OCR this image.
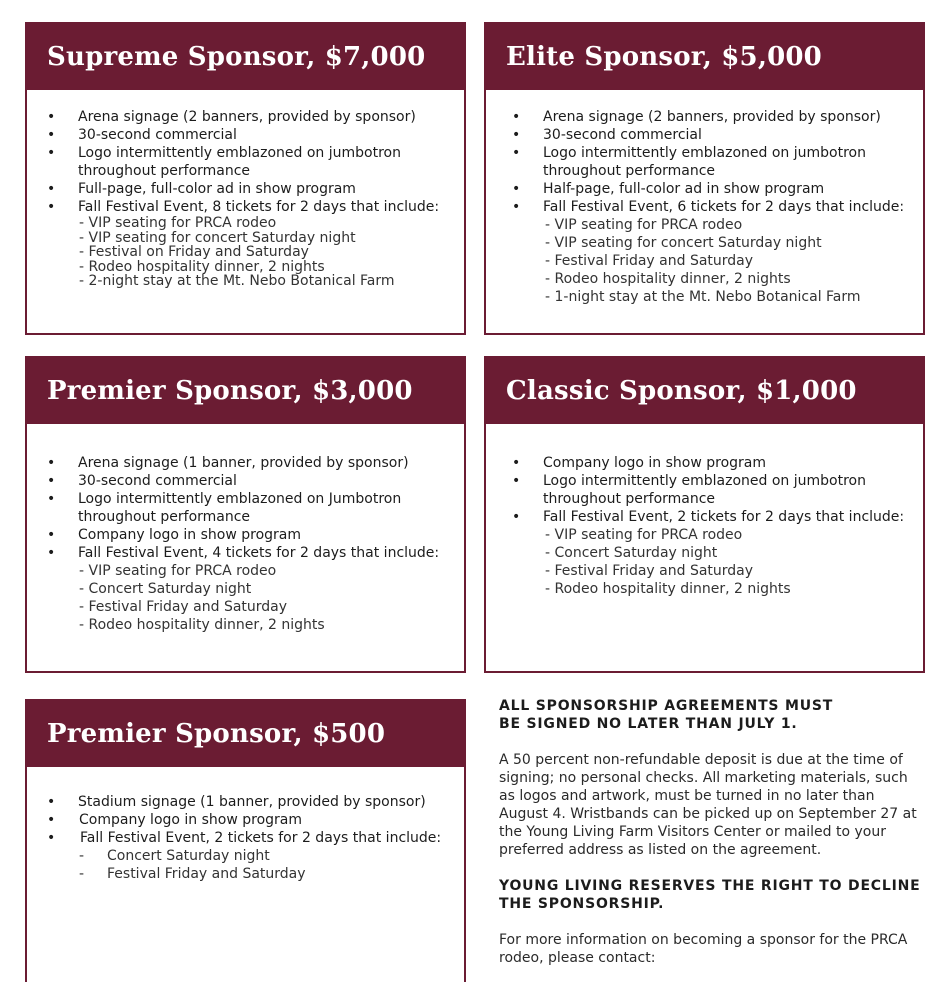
Supreme Sponsor, $7,000
• Arena signage (2 banners, provided by sponsor)
• 30-second commercial
• Logo intermittently emblazoned on jumbotron throughout performance
• Full-page, full-color ad in show program
• Fall Festival Event, 8 tickets for 2 days that include:
- VIP seating for PRCA rodeo
- VIP seating for concert Saturday night
- Festival on Friday and Saturday
- Rodeo hospitality dinner, 2 nights
- 2-night stay at the Mt. Nebo Botanical Farm
Elite Sponsor, $5,000
• Arena signage (2 banners, provided by sponsor)
• 30-second commercial
• Logo intermittently emblazoned on jumbotron throughout performance
• Half-page, full-color ad in show program
• Fall Festival Event, 6 tickets for 2 days that include:
- VIP seating for PRCA rodeo
- VIP seating for concert Saturday night
- Festival Friday and Saturday
- Rodeo hospitality dinner, 2 nights
- 1-night stay at the Mt. Nebo Botanical Farm
Premier Sponsor, $3,000
• Arena signage (1 banner, provided by sponsor)
• 30-second commercial
• Logo intermittently emblazoned on Jumbotron throughout performance
• Company logo in show program
• Fall Festival Event, 4 tickets for 2 days that include:
- VIP seating for PRCA rodeo
- Concert Saturday night
- Festival Friday and Saturday
- Rodeo hospitality dinner, 2 nights
Classic Sponsor, $1,000
• Company logo in show program
• Logo intermittently emblazoned on jumbotron throughout performance
• Fall Festival Event, 2 tickets for 2 days that include:
- VIP seating for PRCA rodeo
- Concert Saturday night
- Festival Friday and Saturday
- Rodeo hospitality dinner, 2 nights
Premier Sponsor, $500
• Stadium signage (1 banner, provided by sponsor)
• Company logo in show program
• Fall Festival Event, 2 tickets for 2 days that include:
- Concert Saturday night
- Festival Friday and Saturday

ALL SPONSORSHIP AGREEMENTS MUST
BE SIGNED NO LATER THAN JULY 1.

A 50 percent non-refundable deposit is due at the time of signing; no personal checks. All marketing materials, such as logos and artwork, must be turned in no later than August 4. Wristbands can be picked up on September 27 at the Young Living Farm Visitors Center or mailed to your preferred address as listed on the agreement.

YOUNG LIVING RESERVES THE RIGHT TO DECLINE THE SPONSORSHIP.

For more information on becoming a sponsor for the PRCA rodeo, please contact:
